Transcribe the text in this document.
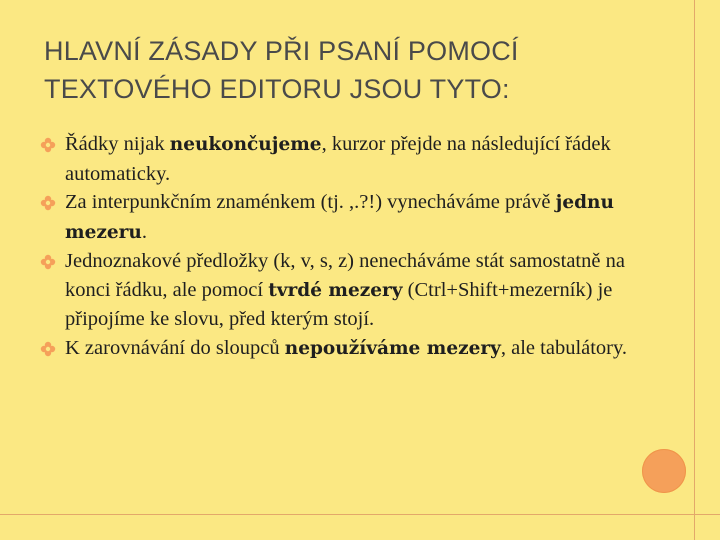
HLAVNÍ ZÁSADY PŘI PSANÍ POMOCÍ TEXTOVÉHO EDITORU JSOU TYTO:
Řádky nijak neukončujeme, kurzor přejde na následující řádek automaticky.
Za interpunkčním znaménkem (tj. ,.?!) vynecháváme právě jednu mezeru.
Jednoznakové předložky (k, v, s, z) nenecháváme stát samostatně na konci řádku, ale pomocí tvrdé mezery (Ctrl+Shift+mezerník) je připojíme ke slovu, před kterým stojí.
K zarovnávání do sloupců nepoužíváme mezery, ale tabulátory.
